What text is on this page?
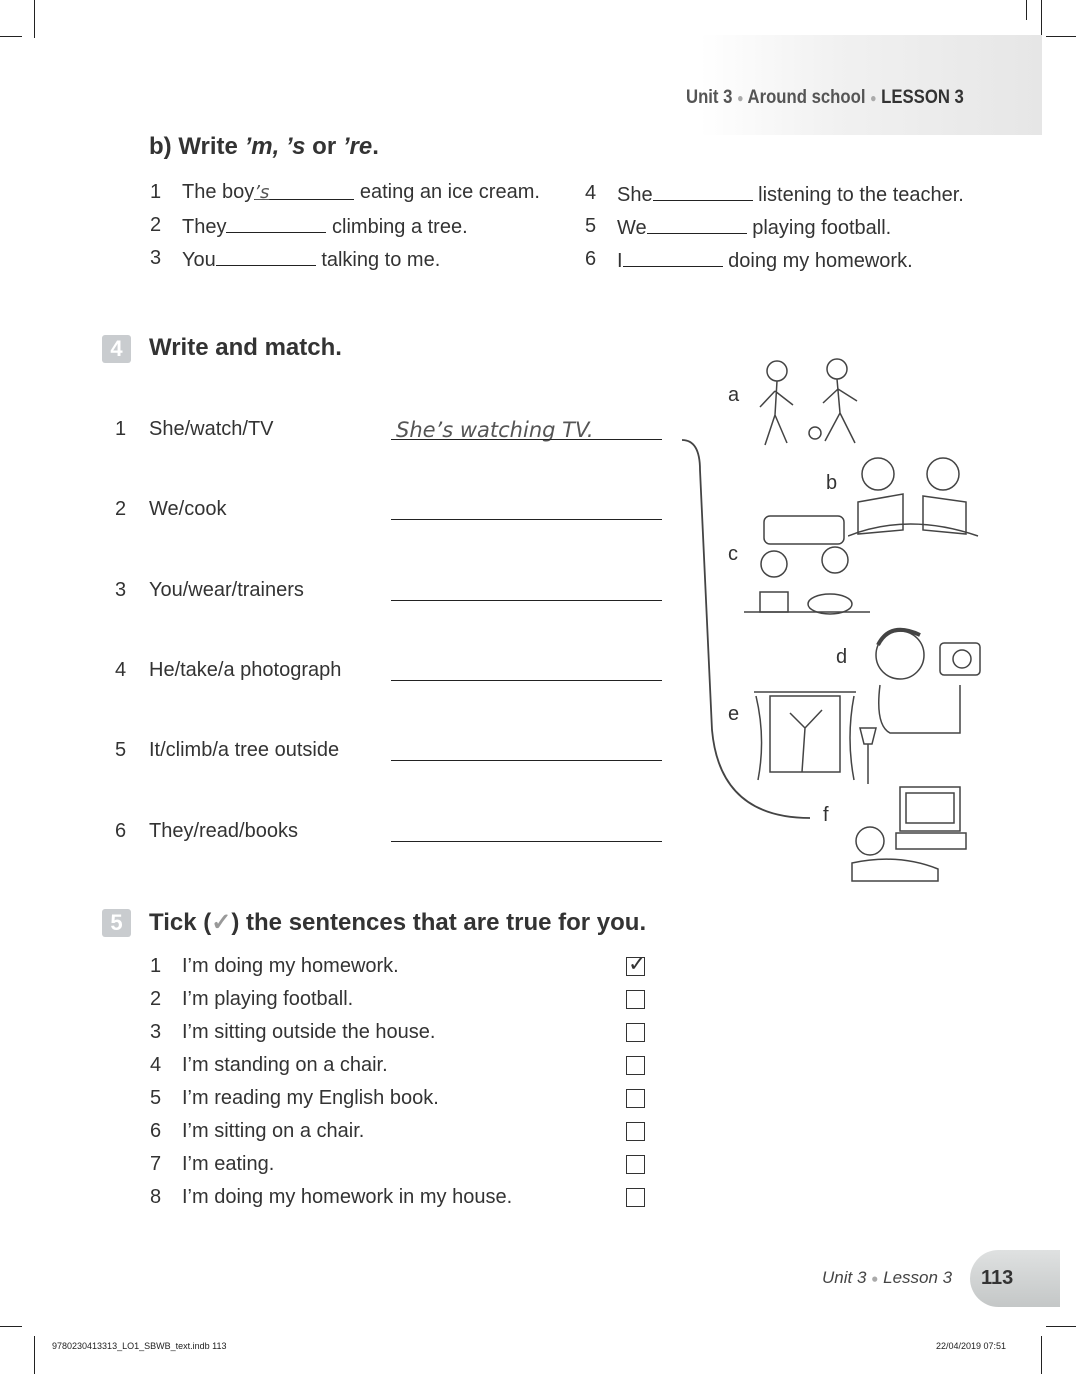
Unit 3 ● Around school ● LESSON 3
b) Write ’m, ’s or ’re.
1 The boy’s	eating an ice cream.
2 They	climbing a tree.
3 You	talking to me.
4 She	listening to the teacher.
5 We	playing football.
6 I	doing my homework.
4	Write and match.
1 She/watch/TV	She’s watching TV.
2 We/cook
3 You/wear/trainers
4 He/take/a photograph
5 It/climb/a tree outside
6 They/read/books
a
b
c
d
e
f
5	Tick (✓) the sentences that are true for you.
1 I’m doing my homework.	✓
2 I’m playing football.
3 I’m sitting outside the house.
4 I’m standing on a chair.
5 I’m reading my English book.
6 I’m sitting on a chair.
7 I’m eating.
8 I’m doing my homework in my house.
Unit 3 ● Lesson 3 113
9780230413313_LO1_SBWB_text.indb 113	22/04/2019 07:51
